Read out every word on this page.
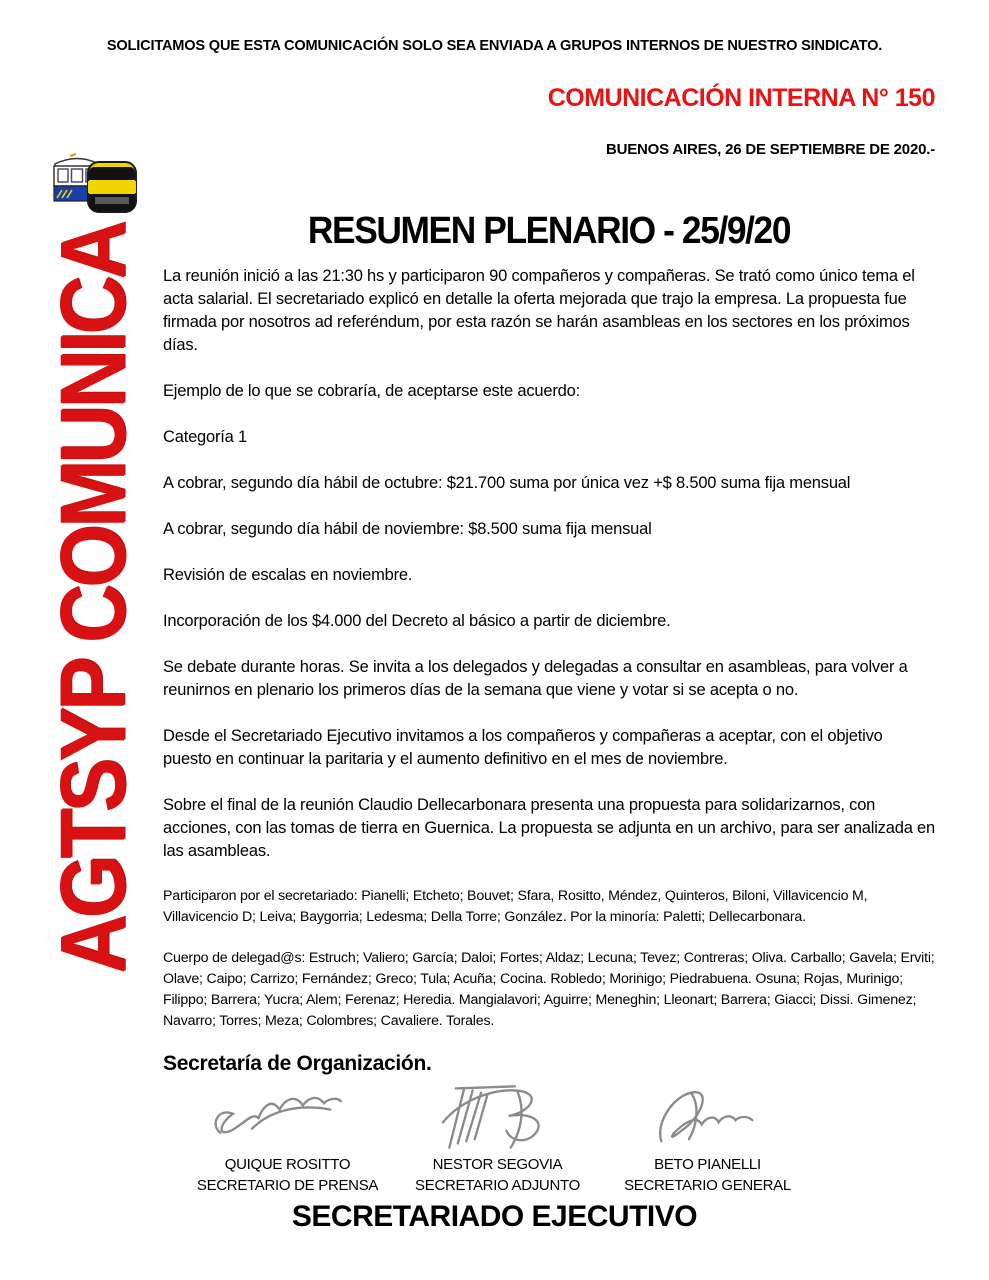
SOLICITAMOS QUE ESTA COMUNICACIÓN SOLO SEA ENVIADA A GRUPOS INTERNOS DE NUESTRO SINDICATO.
COMUNICACIÓN INTERNA N° 150
BUENOS AIRES, 26 DE SEPTIEMBRE DE 2020.-
AGTSYP COMUNICA	RESUMEN PLENARIO - 25/9/20

La reunión inició a las 21:30 hs y participaron 90 compañeros y compañeras. Se trató como único tema el acta salarial. El secretariado explicó en detalle la oferta mejorada que trajo la empresa. La propuesta fue firmada por nosotros ad referéndum, por esta razón se harán asambleas en los sectores en los próximos días.

Ejemplo de lo que se cobraría, de aceptarse este acuerdo:

Categoría 1

A cobrar, segundo día hábil de octubre: $21.700 suma por única vez +$ 8.500 suma fija mensual

A cobrar, segundo día hábil de noviembre: $8.500 suma fija mensual

Revisión de escalas en noviembre.

Incorporación de los $4.000 del Decreto al básico a partir de diciembre.

Se debate durante horas. Se invita a los delegados y delegadas a consultar en asambleas, para volver a reunirnos en plenario los primeros días de la semana que viene y votar si se acepta o no.

Desde el Secretariado Ejecutivo invitamos a los compañeros y compañeras a aceptar, con el objetivo puesto en continuar la paritaria y el aumento definitivo en el mes de noviembre.

Sobre el final de la reunión Claudio Dellecarbonara presenta una propuesta para solidarizarnos, con acciones, con las tomas de tierra en Guernica. La propuesta se adjunta en un archivo, para ser analizada en las asambleas.

Participaron por el secretariado: Pianelli; Etcheto; Bouvet; Sfara, Rositto, Méndez, Quinteros, Biloni, Villavicencio M, Villavicencio D; Leiva; Baygorria; Ledesma; Della Torre; González. Por la minoría: Paletti; Dellecarbonara.

Cuerpo de delegad@s: Estruch; Valiero; García; Daloi; Fortes; Aldaz; Lecuna; Tevez; Contreras; Oliva. Carballo; Gavela; Erviti; Olave; Caipo; Carrizo; Fernández; Greco; Tula; Acuña; Cocina. Robledo; Morinigo; Piedrabuena. Osuna; Rojas, Murinigo; Filippo; Barrera; Yucra; Alem; Ferenaz; Heredia. Mangialavori; Aguirre; Meneghin; Lleonart; Barrera; Giacci; Dissi. Gimenez; Navarro; Torres; Meza; Colombres; Cavaliere. Torales.

Secretaría de Organización.
QUIQUE ROSITTO
SECRETARIO DE PRENSA
NESTOR SEGOVIA
SECRETARIO ADJUNTO
BETO PIANELLI
SECRETARIO GENERAL
SECRETARIADO EJECUTIVO
